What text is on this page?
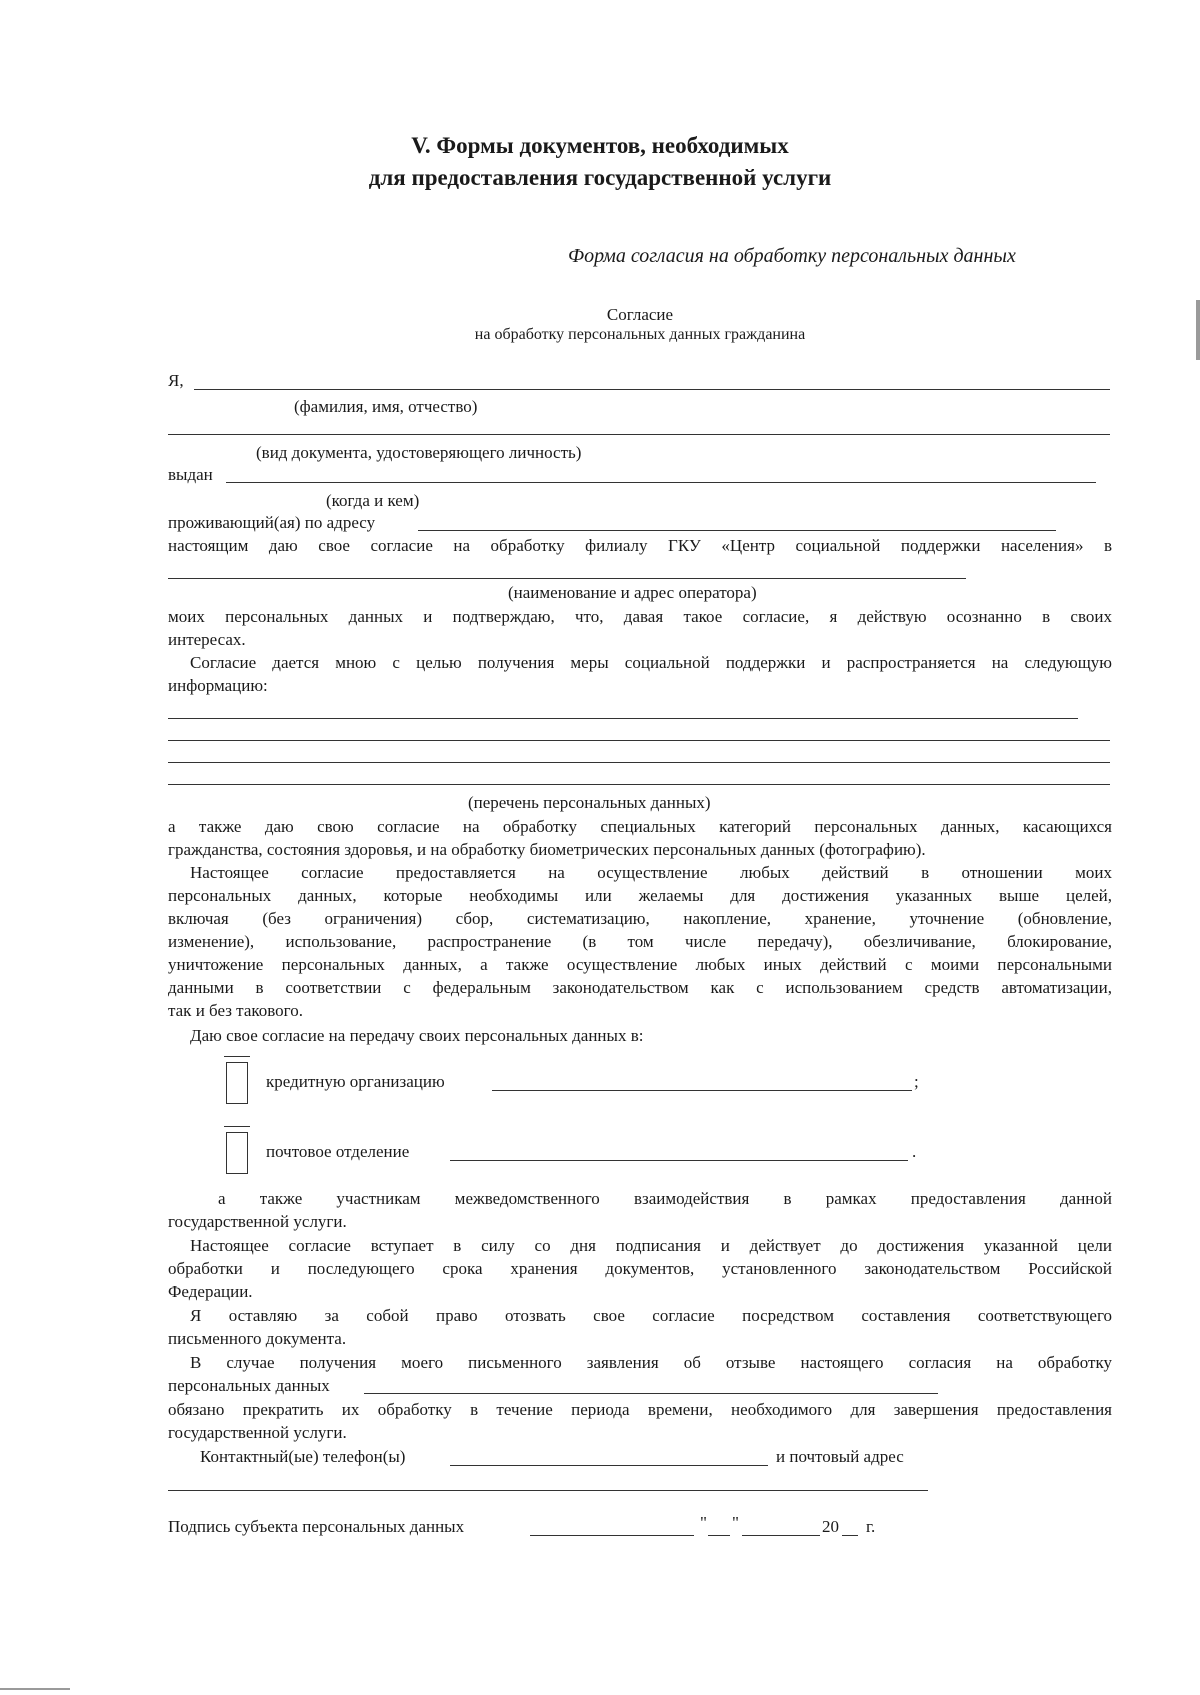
V. Формы документов, необходимых
для предоставления государственной услуги
Форма согласия на обработку персональных данных
Согласие
на обработку персональных данных гражданина
Я,
(фамилия, имя, отчество)
(вид документа, удостоверяющего личность)
выдан
(когда и кем)
проживающий(ая) по адресу
настоящим даю свое согласие на обработку филиалу ГКУ «Центр социальной поддержки населения» в
(наименование и адрес оператора)
моих персональных данных и подтверждаю, что, давая такое согласие, я действую осознанно в своих
интересах.
Согласие дается мною с целью получения меры социальной поддержки и распространяется на следующую
информацию:
(перечень персональных данных)
а также даю свою согласие на обработку специальных категорий персональных данных, касающихся
гражданства, состояния здоровья, и на обработку биометрических персональных данных (фотографию).
Настоящее согласие предоставляется на осуществление любых действий в отношении моих
персональных данных, которые необходимы или желаемы для достижения указанных выше целей,
включая (без ограничения) сбор, систематизацию, накопление, хранение, уточнение (обновление,
изменение), использование, распространение (в том числе передачу), обезличивание, блокирование,
уничтожение персональных данных, а также осуществление любых иных действий с моими персональными
данными в соответствии с федеральным законодательством как с использованием средств автоматизации,
так и без такового.
Даю свое согласие на передачу своих персональных данных в:
кредитную организацию	;
почтовое отделение	.
а также участникам межведомственного взаимодействия в рамках предоставления данной
государственной услуги.
Настоящее согласие вступает в силу со дня подписания и действует до достижения указанной цели
обработки и последующего срока хранения документов, установленного законодательством Российской
Федерации.
Я оставляю за собой право отозвать свое согласие посредством составления соответствующего
письменного документа.
В случае получения моего письменного заявления об отзыве настоящего согласия на обработку
персональных данных
обязано прекратить их обработку в течение периода времени, необходимого для завершения предоставления
государственной услуги.
Контактный(ые) телефон(ы)	и почтовый адрес
Подпись субъекта персональных данных	" "	20 г.
